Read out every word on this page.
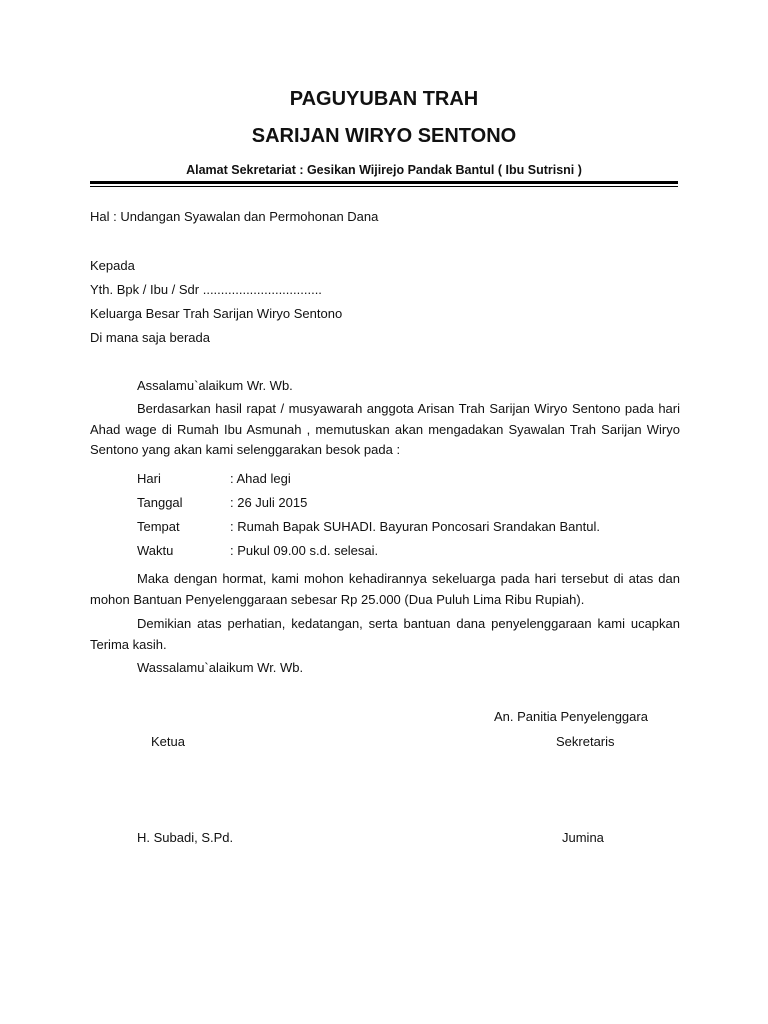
PAGUYUBAN TRAH
SARIJAN WIRYO SENTONO
Alamat Sekretariat : Gesikan Wijirejo Pandak Bantul ( Ibu Sutrisni )
Hal : Undangan Syawalan dan Permohonan Dana
Kepada
Yth. Bpk / Ibu / Sdr .................................
Keluarga Besar Trah Sarijan Wiryo Sentono
Di mana saja berada
Assalamu`alaikum Wr. Wb.
Berdasarkan hasil rapat / musyawarah anggota Arisan Trah Sarijan Wiryo Sentono pada hari Ahad wage di Rumah Ibu Asmunah , memutuskan akan mengadakan Syawalan Trah Sarijan Wiryo Sentono yang akan kami selenggarakan besok pada :
Hari	: Ahad legi
Tanggal	: 26 Juli 2015
Tempat	: Rumah Bapak SUHADI. Bayuran Poncosari Srandakan Bantul.
Waktu	: Pukul 09.00 s.d. selesai.
Maka dengan hormat, kami mohon kehadirannya sekeluarga pada hari tersebut di atas dan mohon Bantuan Penyelenggaraan sebesar Rp 25.000 (Dua Puluh Lima Ribu Rupiah).
Demikian atas perhatian, kedatangan, serta bantuan dana penyelenggaraan kami ucapkan Terima kasih.
Wassalamu`alaikum Wr. Wb.
An. Panitia Penyelenggara
Ketua	Sekretaris
H. Subadi, S.Pd.	Jumina
